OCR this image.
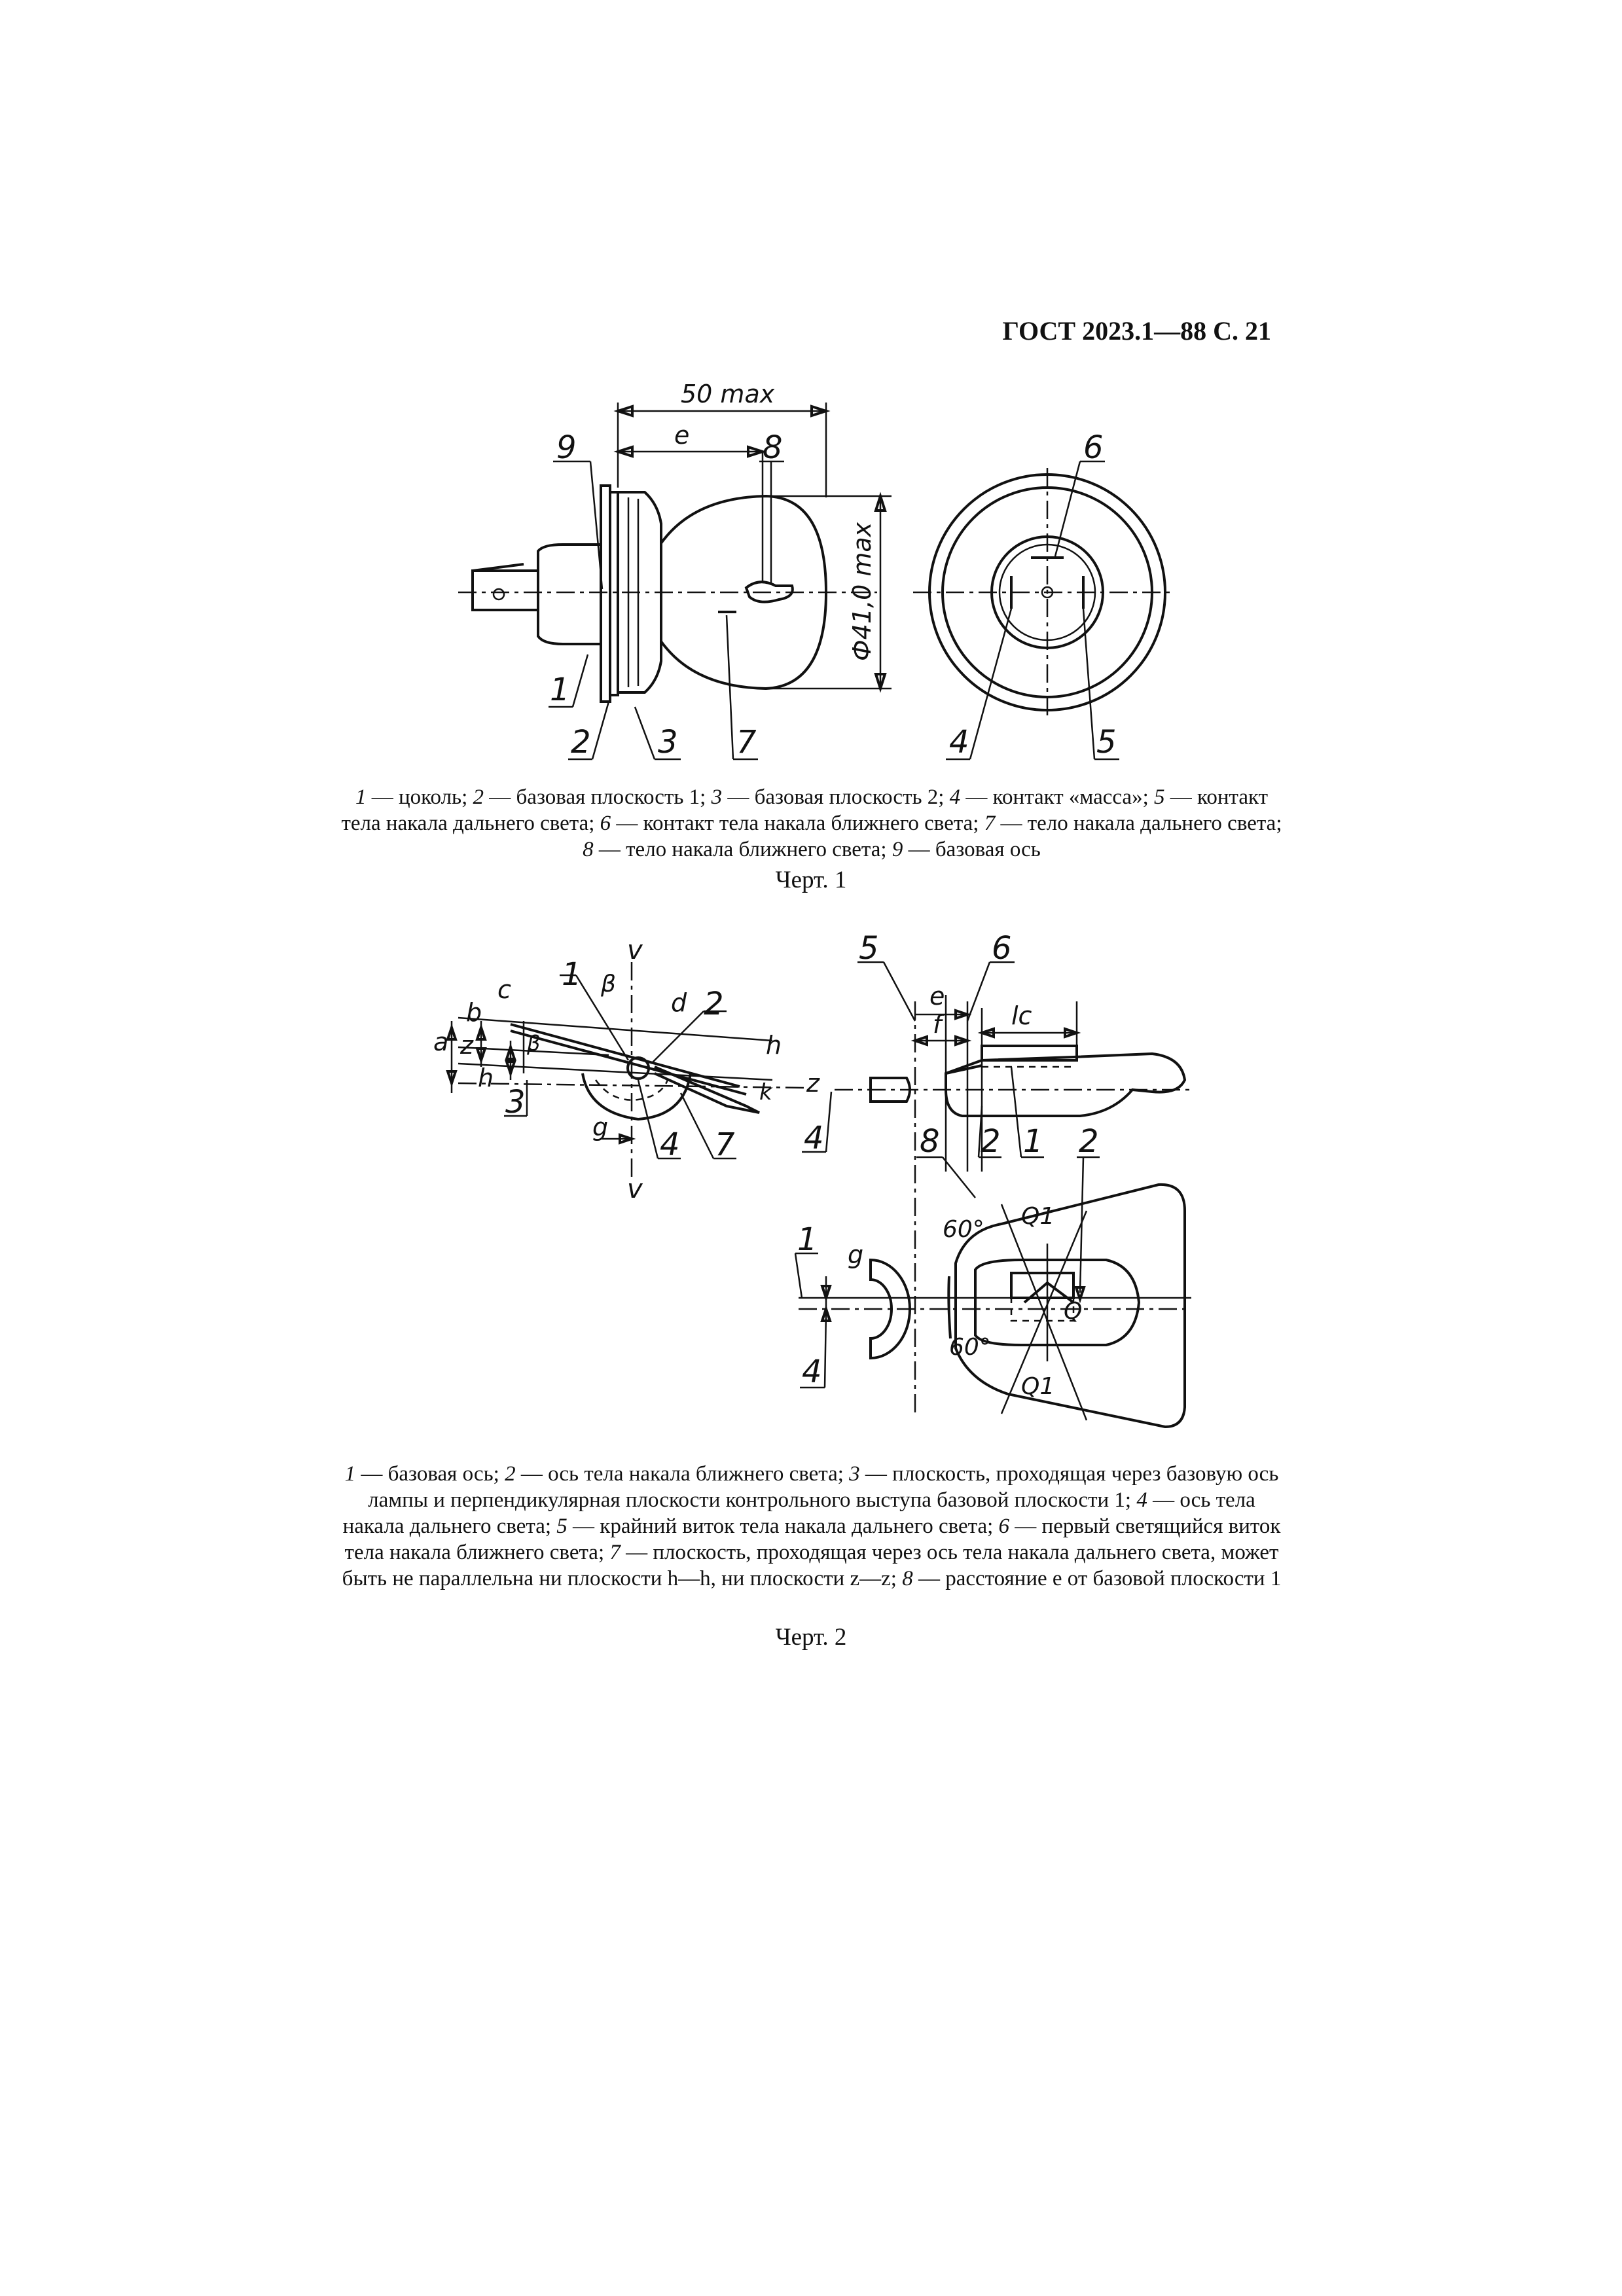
ГОСТ 2023.1—88 С. 21
50 max
e
Ф41,0 max
9	8
1
2 3 7
6
4	5
v
v
β
c
b
a z
h
β
d
h
k z
g
1
2
3
4 7
e
f	lc
5	6
4	2 1
Q1
Q1
Q
60°
60°
g
1
4
8	2
1 — цоколь; 2 — базовая плоскость 1; 3 — базовая плоскость 2; 4 — контакт «масса»; 5 — контакт тела накала дальнего света; 6 — контакт тела накала ближнего света; 7 — тело накала дальнего света; 8 — тело накала ближнего света; 9 — базовая ось
Черт. 1
1 — базовая ось; 2 — ось тела накала ближнего света; 3 — плоскость, проходящая через базовую ось лампы и перпендикулярная плоскости контрольного выступа базовой плоскости 1; 4 — ось тела накала дальнего света; 5 — крайний виток тела накала дальнего света; 6 — первый светящийся виток тела накала ближнего света; 7 — плоскость, проходящая через ось тела накала дальнего света, может быть не параллельна ни плоскости h—h, ни плоскости z—z; 8 — расстояние e от базовой плоскости 1
Черт. 2
